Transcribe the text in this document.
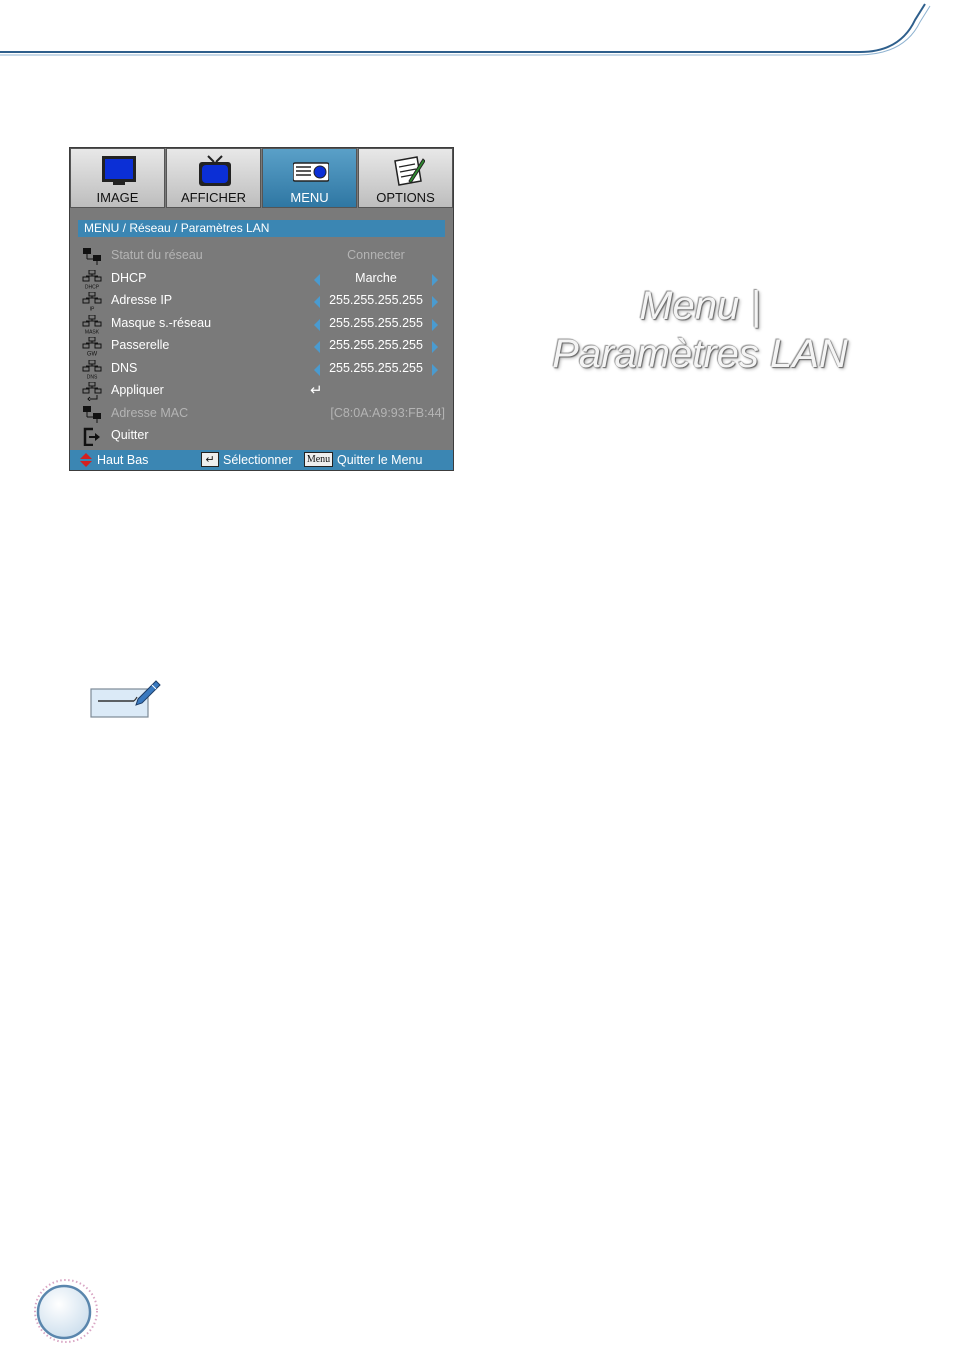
IMAGE	AFFICHER	MENU	OPTIONS
MENU / Réseau / Paramètres LAN
Statut du réseau	Connecter
DHCP
DHCP	Marche
IP
Adresse IP	255.255.255.255
MASK
Masque s.-réseau	255.255.255.255
GW
Passerelle	255.255.255.255
DNS
DNS	255.255.255.255
Appliquer	↵
Adresse MAC	[C8:0A:A9:93:FB:44]
Quitter
Haut Bas	↵ Sélectionner Menu Quitter le Menu
Menu |
Paramètres LAN
